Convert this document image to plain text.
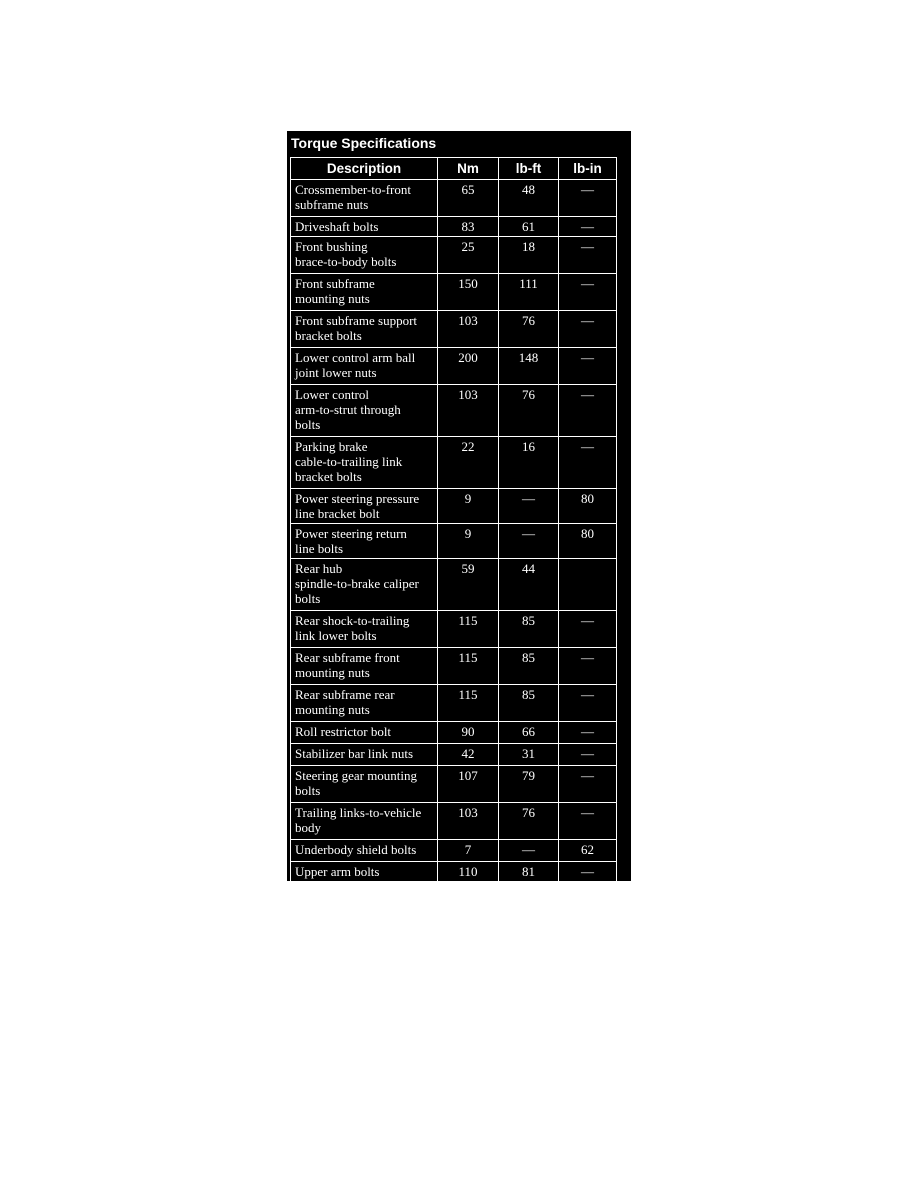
Torque Specifications
Description	Nm	lb-ft	lb-in
Crossmember-to-front
subframe nuts	65	48	—
Driveshaft bolts	83	61	—
Front bushing
brace-to-body bolts	25	18	—
Front subframe
mounting nuts	150	111	—
Front subframe support
bracket bolts	103	76	—
Lower control arm ball
joint lower nuts	200	148	—
Lower control
arm-to-strut through
bolts	103	76	—
Parking brake
cable-to-trailing link
bracket bolts	22	16	—
Power steering pressure
line bracket bolt	9	—	80
Power steering return
line bolts	9	—	80
Rear hub
spindle-to-brake caliper
bolts	59	44	
Rear shock-to-trailing
link lower bolts	115	85	—
Rear subframe front
mounting nuts	115	85	—
Rear subframe rear
mounting nuts	115	85	—
Roll restrictor bolt	90	66	—
Stabilizer bar link nuts	42	31	—
Steering gear mounting
bolts	107	79	—
Trailing links-to-vehicle
body	103	76	—
Underbody shield bolts	7	—	62
Upper arm bolts	110	81	—
